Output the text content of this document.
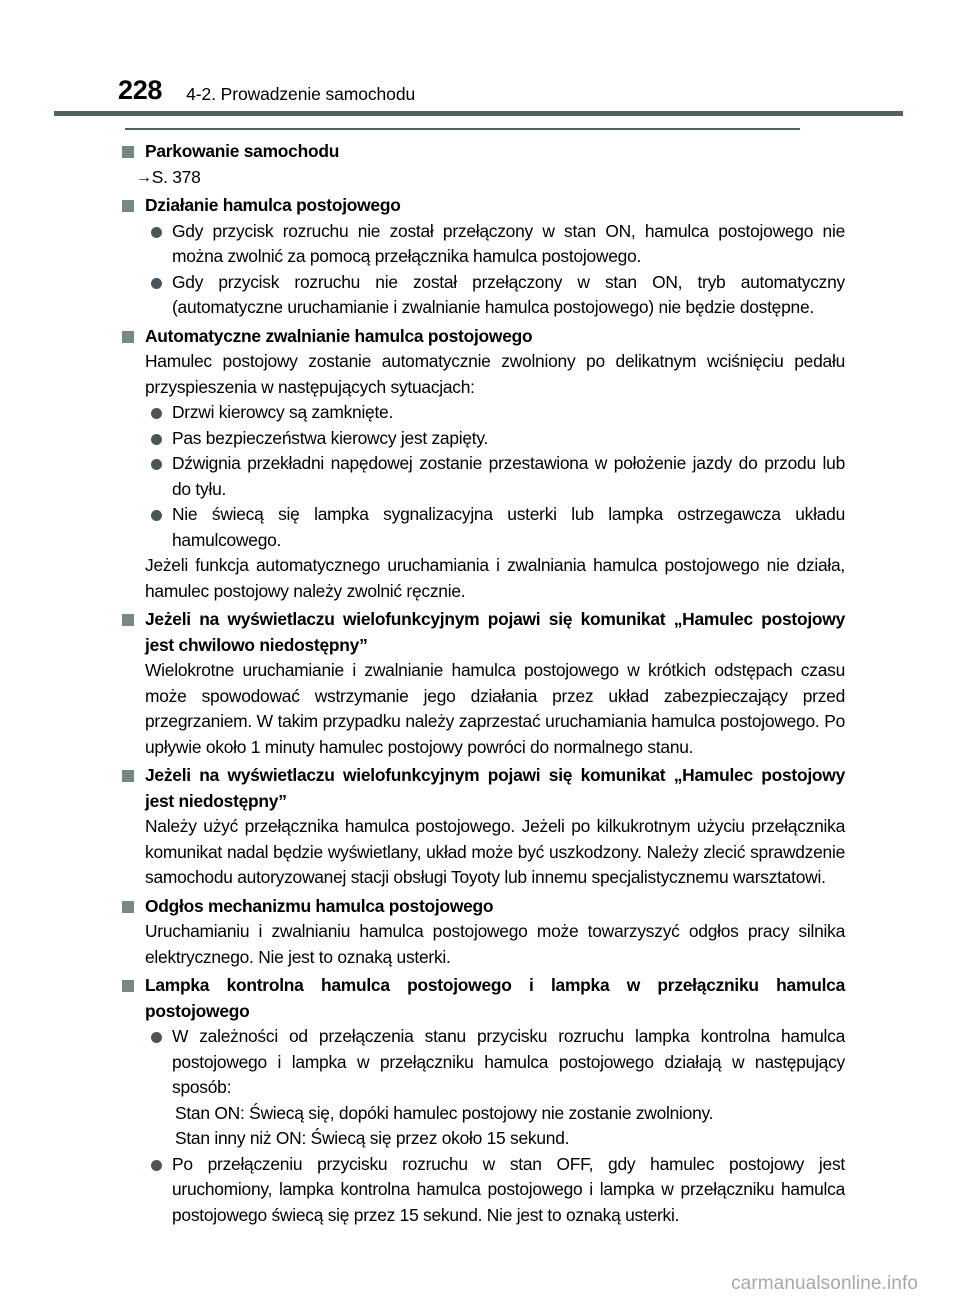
228 4-2. Prowadzenie samochodu
Parkowanie samochodu
→S. 378
Działanie hamulca postojowego
Gdy przycisk rozruchu nie został przełączony w stan ON, hamulca postojowego nie można zwolnić za pomocą przełącznika hamulca postojowego.
Gdy przycisk rozruchu nie został przełączony w stan ON, tryb automatyczny (automatyczne uruchamianie i zwalnianie hamulca postojowego) nie będzie dostępne.
Automatyczne zwalnianie hamulca postojowego
Hamulec postojowy zostanie automatycznie zwolniony po delikatnym wciśnięciu pedału przyspieszenia w następujących sytuacjach:
Drzwi kierowcy są zamknięte.
Pas bezpieczeństwa kierowcy jest zapięty.
Dźwignia przekładni napędowej zostanie przestawiona w położenie jazdy do przodu lub do tyłu.
Nie świecą się lampka sygnalizacyjna usterki lub lampka ostrzegawcza układu hamulcowego.
Jeżeli funkcja automatycznego uruchamiania i zwalniania hamulca postojowego nie działa, hamulec postojowy należy zwolnić ręcznie.
Jeżeli na wyświetlaczu wielofunkcyjnym pojawi się komunikat „Hamulec postojowy jest chwilowo niedostępny”
Wielokrotne uruchamianie i zwalnianie hamulca postojowego w krótkich odstępach czasu może spowodować wstrzymanie jego działania przez układ zabezpieczający przed przegrzaniem. W takim przypadku należy zaprzestać uruchamiania hamulca postojowego. Po upływie około 1 minuty hamulec postojowy powróci do normalnego stanu.
Jeżeli na wyświetlaczu wielofunkcyjnym pojawi się komunikat „Hamulec postojowy jest niedostępny”
Należy użyć przełącznika hamulca postojowego. Jeżeli po kilkukrotnym użyciu przełącznika komunikat nadal będzie wyświetlany, układ może być uszkodzony. Należy zlecić sprawdzenie samochodu autoryzowanej stacji obsługi Toyoty lub innemu specjalistycznemu warsztatowi.
Odgłos mechanizmu hamulca postojowego
Uruchamianiu i zwalnianiu hamulca postojowego może towarzyszyć odgłos pracy silnika elektrycznego. Nie jest to oznaką usterki.
Lampka kontrolna hamulca postojowego i lampka w przełączniku hamulca postojowego
W zależności od przełączenia stanu przycisku rozruchu lampka kontrolna hamulca postojowego i lampka w przełączniku hamulca postojowego działają w następujący sposób:
Stan ON: Świecą się, dopóki hamulec postojowy nie zostanie zwolniony.
Stan inny niż ON: Świecą się przez około 15 sekund.
Po przełączeniu przycisku rozruchu w stan OFF, gdy hamulec postojowy jest uruchomiony, lampka kontrolna hamulca postojowego i lampka w przełączniku hamulca postojowego świecą się przez 15 sekund. Nie jest to oznaką usterki.
carmanualsonline.info
